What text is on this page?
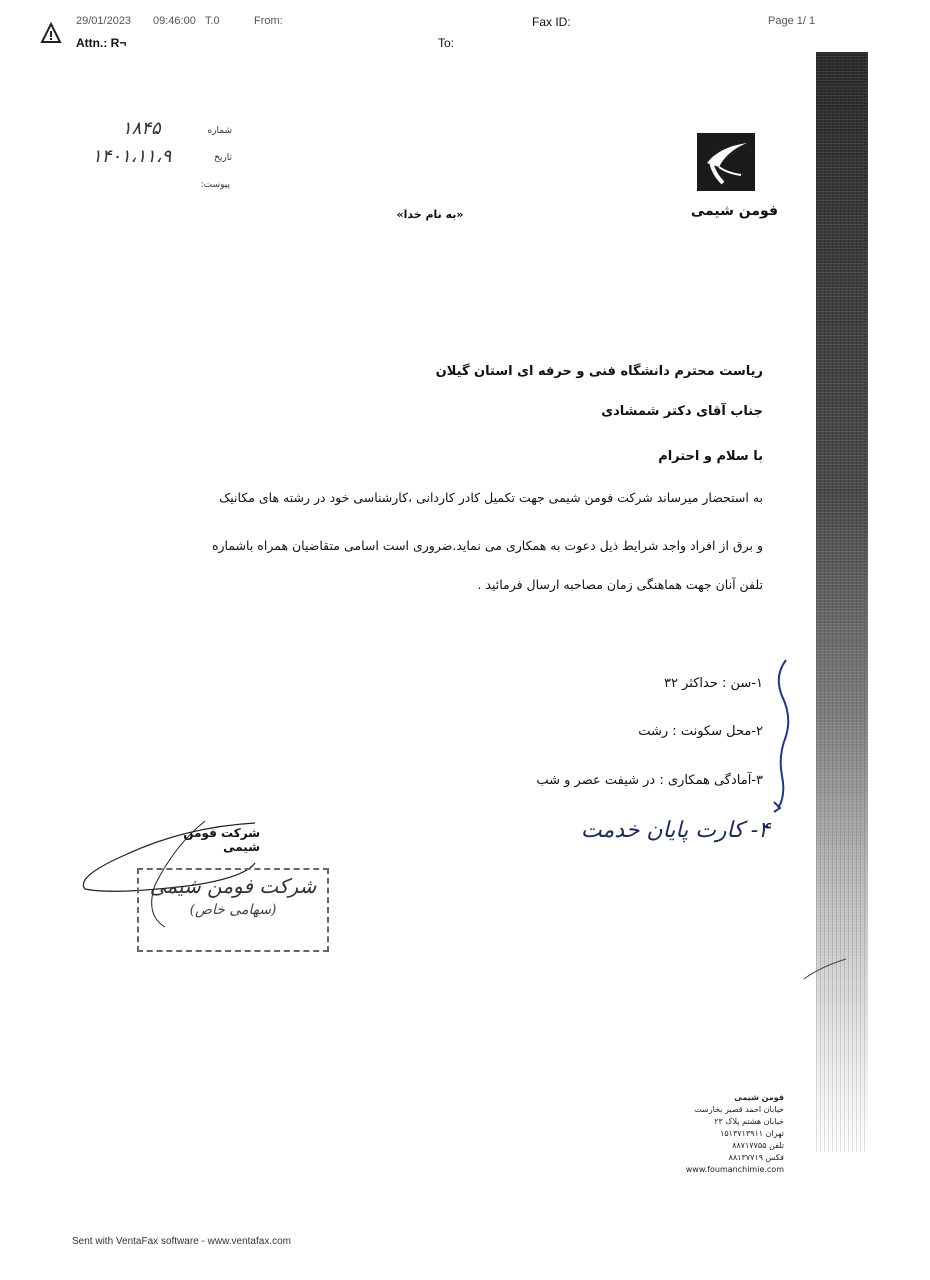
29/01/2023 09:46:00 T.0	From:	Fax ID:	Page 1/ 1
Attn.: R¬	To:
۱۸۴۵	شماره
۱۴۰۱،۱۱،۹	تاریخ
پیوست:
فومن شیمی
«به نام خدا»
ریاست محترم دانشگاه فنی و حرفه ای استان گیلان
جناب آقای دکتر شمشادی
با سلام و احترام
به استحضار میرساند شرکت فومن شیمی جهت تکمیل کادر کاردانی ،کارشناسی خود در رشته های مکانیک
و برق از افراد واجد شرایط ذیل دعوت به همکاری می نماید.ضروری است اسامی متقاضیان همراه باشماره
تلفن آنان جهت هماهنگی زمان مصاحبه ارسال فرمائید .
۱-سن : حداکثر ۳۲
۲-محل سکونت : رشت
۳-آمادگی همکاری : در شیفت عصر و شب
۴- کارت پایان خدمت
شرکت فومن شیمی
شرکت فومن شیمی
(سهامی خاص)
فومن شیمی
خیابان احمد قصیر بخارست
خیابان هشتم پلاک ۲۳
تهران ۱۵۱۳۷۱۳۹۱۱
تلفن ۸۸۷۱۷۷۵۵
فکس ۸۸۱۳۷۷۱۹
www.foumanchimie.com
Sent with VentaFax software - www.ventafax.com
